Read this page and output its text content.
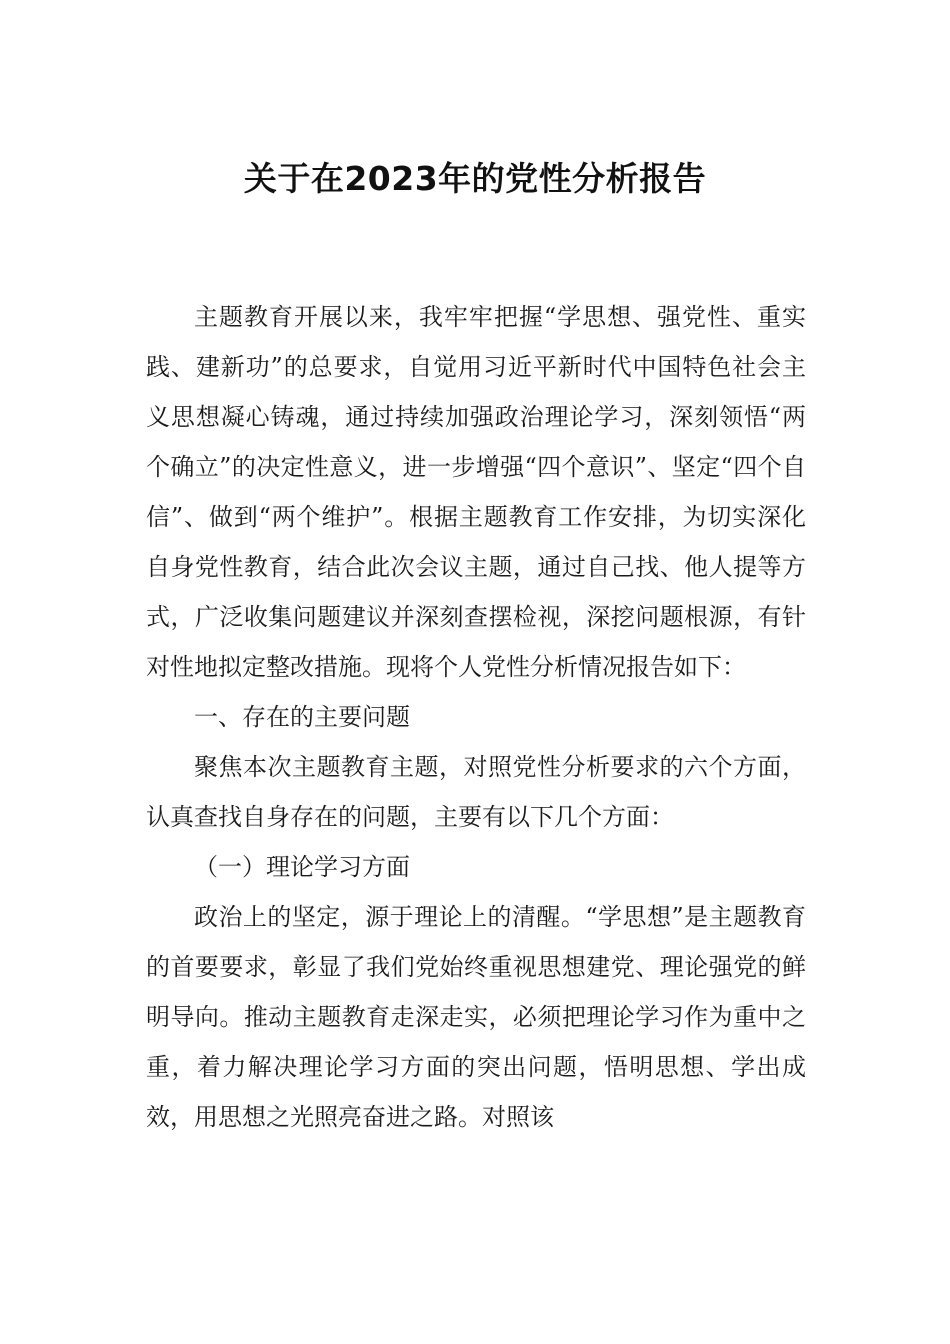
关于在2023年的党性分析报告

主题教育开展以来，我牢牢把握“学思想、强党性、重实践、建新功”的总要求，自觉用习近平新时代中国特色社会主义思想凝心铸魂，通过持续加强政治理论学习，深刻领悟“两个确立”的决定性意义，进一步增强“四个意识”、坚定“四个自信”、做到“两个维护”。根据主题教育工作安排，为切实深化自身党性教育，结合此次会议主题，通过自己找、他人提等方式，广泛收集问题建议并深刻查摆检视，深挖问题根源，有针对性地拟定整改措施。现将个人党性分析情况报告如下：

一、存在的主要问题

聚焦本次主题教育主题，对照党性分析要求的六个方面，认真查找自身存在的问题，主要有以下几个方面：

（一）理论学习方面

政治上的坚定，源于理论上的清醒。“学思想”是主题教育的首要要求，彰显了我们党始终重视思想建党、理论强党的鲜明导向。推动主题教育走深走实，必须把理论学习作为重中之重，着力解决理论学习方面的突出问题，悟明思想、学出成效，用思想之光照亮奋进之路。对照该
